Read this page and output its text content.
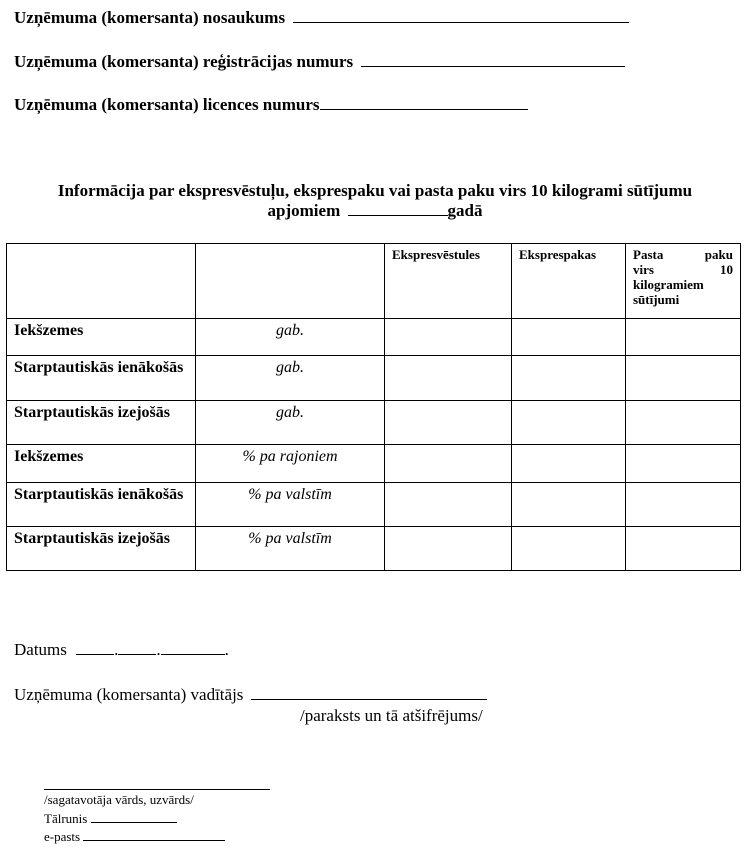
Uzņēmuma (komersanta) nosaukums
Uzņēmuma (komersanta) reģistrācijas numurs
Uzņēmuma (komersanta) licences numurs
Informācija par ekspresvēstuļu, eksprespaku vai pasta paku virs 10 kilogrami sūtījumu
apjomiem	gadā
		Ekspresvēstules	Eksprespakas	Pasta paku
virs 10
kilogramiem
sūtījumi

Iekšzemes	gab.			
Starptautiskās ienākošās	gab.			
Starptautiskās izejošās	gab.			
Iekšzemes	% pa rajoniem			
Starptautiskās ienākošās	% pa valstīm			
Starptautiskās izejošās	% pa valstīm			
Datums	. .	.
Uzņēmuma (komersanta) vadītājs
/paraksts un tā atšifrējums/
/sagatavotāja vārds, uzvārds/
Tālrunis
e-pasts
